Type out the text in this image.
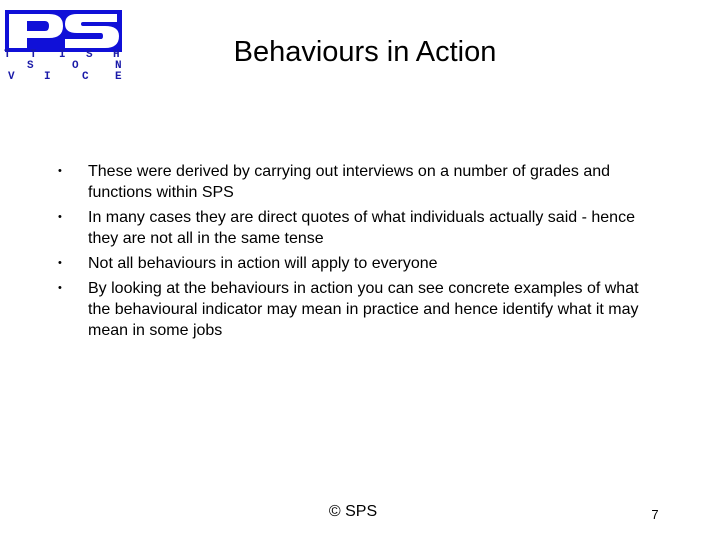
T T I S H
S	O	N
V	I	C E
Behaviours in Action
•	These were derived by carrying out interviews on a number of grades and functions within SPS
•	In many cases they are direct quotes of what individuals actually said - hence they are not all in the same tense
•	Not all behaviours in action will apply to everyone
•	By looking at the behaviours in action you can see concrete examples of what the behavioural indicator may mean in practice and hence identify what it may mean in some jobs
© SPS	7
